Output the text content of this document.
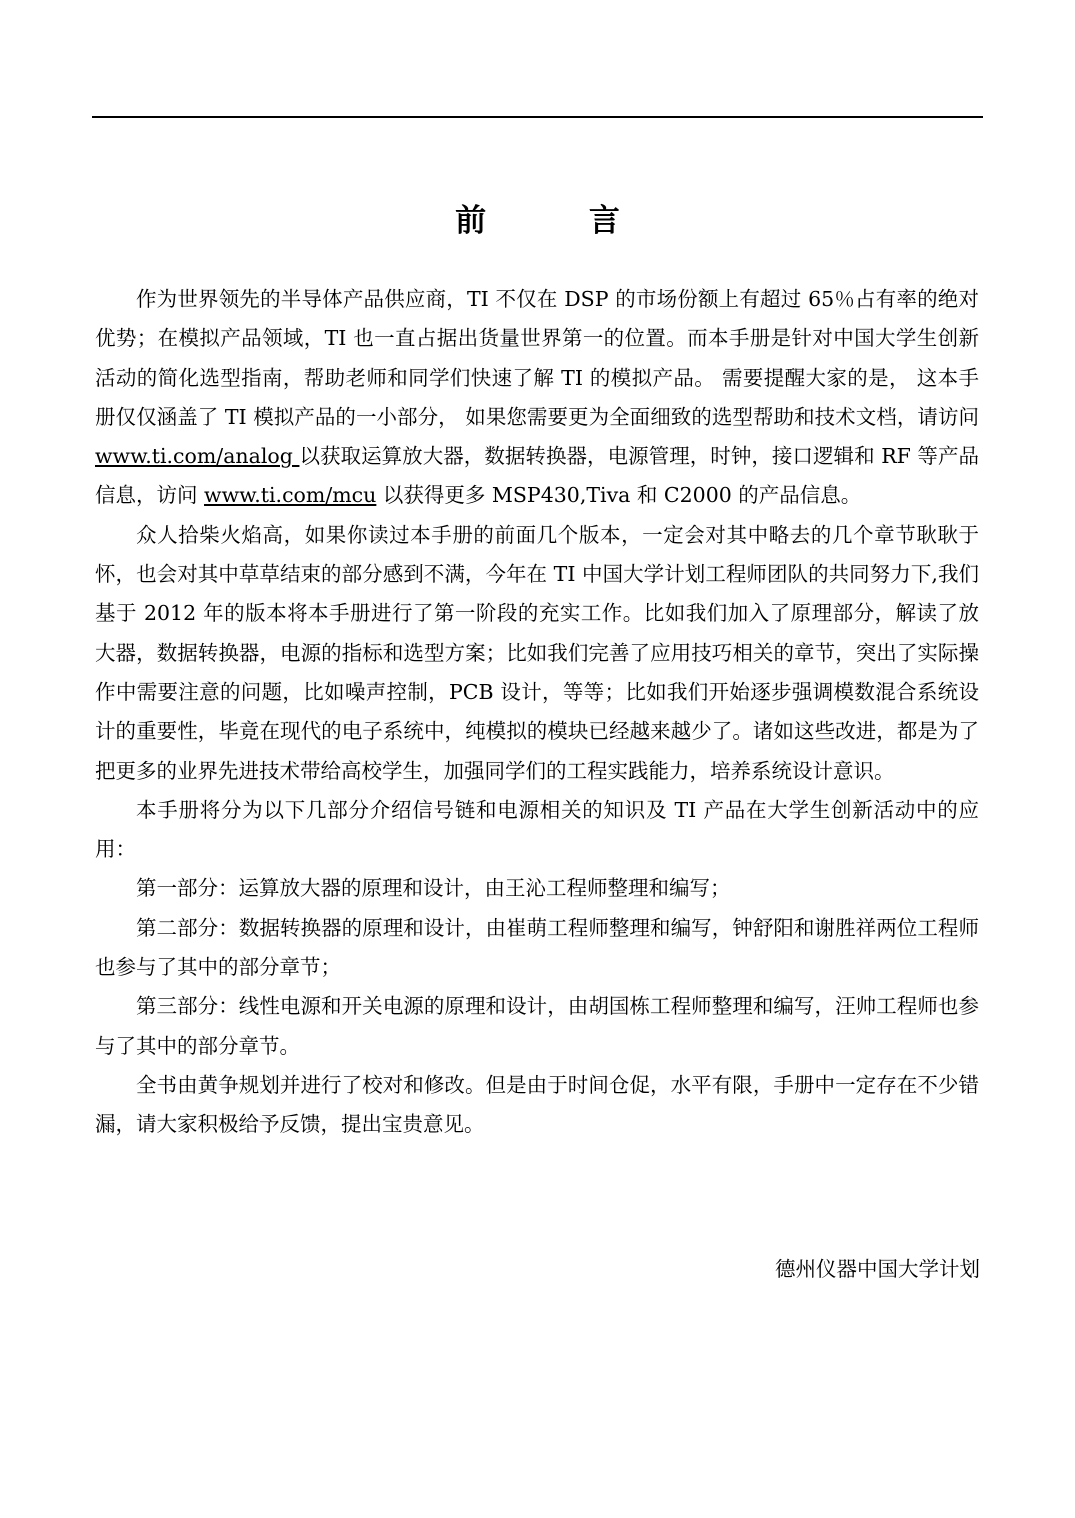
前 言

作为世界领先的半导体产品供应商，TI 不仅在 DSP 的市场份额上有超过 65％占有率的绝对优势；在模拟产品领域，TI 也一直占据出货量世界第一的位置。而本手册是针对中国大学生创新活动的简化选型指南，帮助老师和同学们快速了解 TI 的模拟产品。 需要提醒大家的是， 这本手册仅仅涵盖了 TI 模拟产品的一小部分， 如果您需要更为全面细致的选型帮助和技术文档，请访问 www.ti.com/analog 以获取运算放大器，数据转换器，电源管理，时钟，接口逻辑和 RF 等产品信息，访问 www.ti.com/mcu 以获得更多 MSP430,Tiva 和 C2000 的产品信息。

众人拾柴火焰高，如果你读过本手册的前面几个版本，一定会对其中略去的几个章节耿耿于怀，也会对其中草草结束的部分感到不满，今年在 TI 中国大学计划工程师团队的共同努力下,我们基于 2012 年的版本将本手册进行了第一阶段的充实工作。比如我们加入了原理部分，解读了放大器，数据转换器，电源的指标和选型方案；比如我们完善了应用技巧相关的章节，突出了实际操作中需要注意的问题，比如噪声控制，PCB 设计，等等；比如我们开始逐步强调模数混合系统设计的重要性，毕竟在现代的电子系统中，纯模拟的模块已经越来越少了。诸如这些改进，都是为了把更多的业界先进技术带给高校学生，加强同学们的工程实践能力，培养系统设计意识。

本手册将分为以下几部分介绍信号链和电源相关的知识及 TI 产品在大学生创新活动中的应用：

第一部分：运算放大器的原理和设计，由王沁工程师整理和编写；

第二部分：数据转换器的原理和设计，由崔萌工程师整理和编写，钟舒阳和谢胜祥两位工程师也参与了其中的部分章节；

第三部分：线性电源和开关电源的原理和设计，由胡国栋工程师整理和编写，汪帅工程师也参与了其中的部分章节。

全书由黄争规划并进行了校对和修改。但是由于时间仓促，水平有限，手册中一定存在不少错漏，请大家积极给予反馈，提出宝贵意见。

德州仪器中国大学计划
